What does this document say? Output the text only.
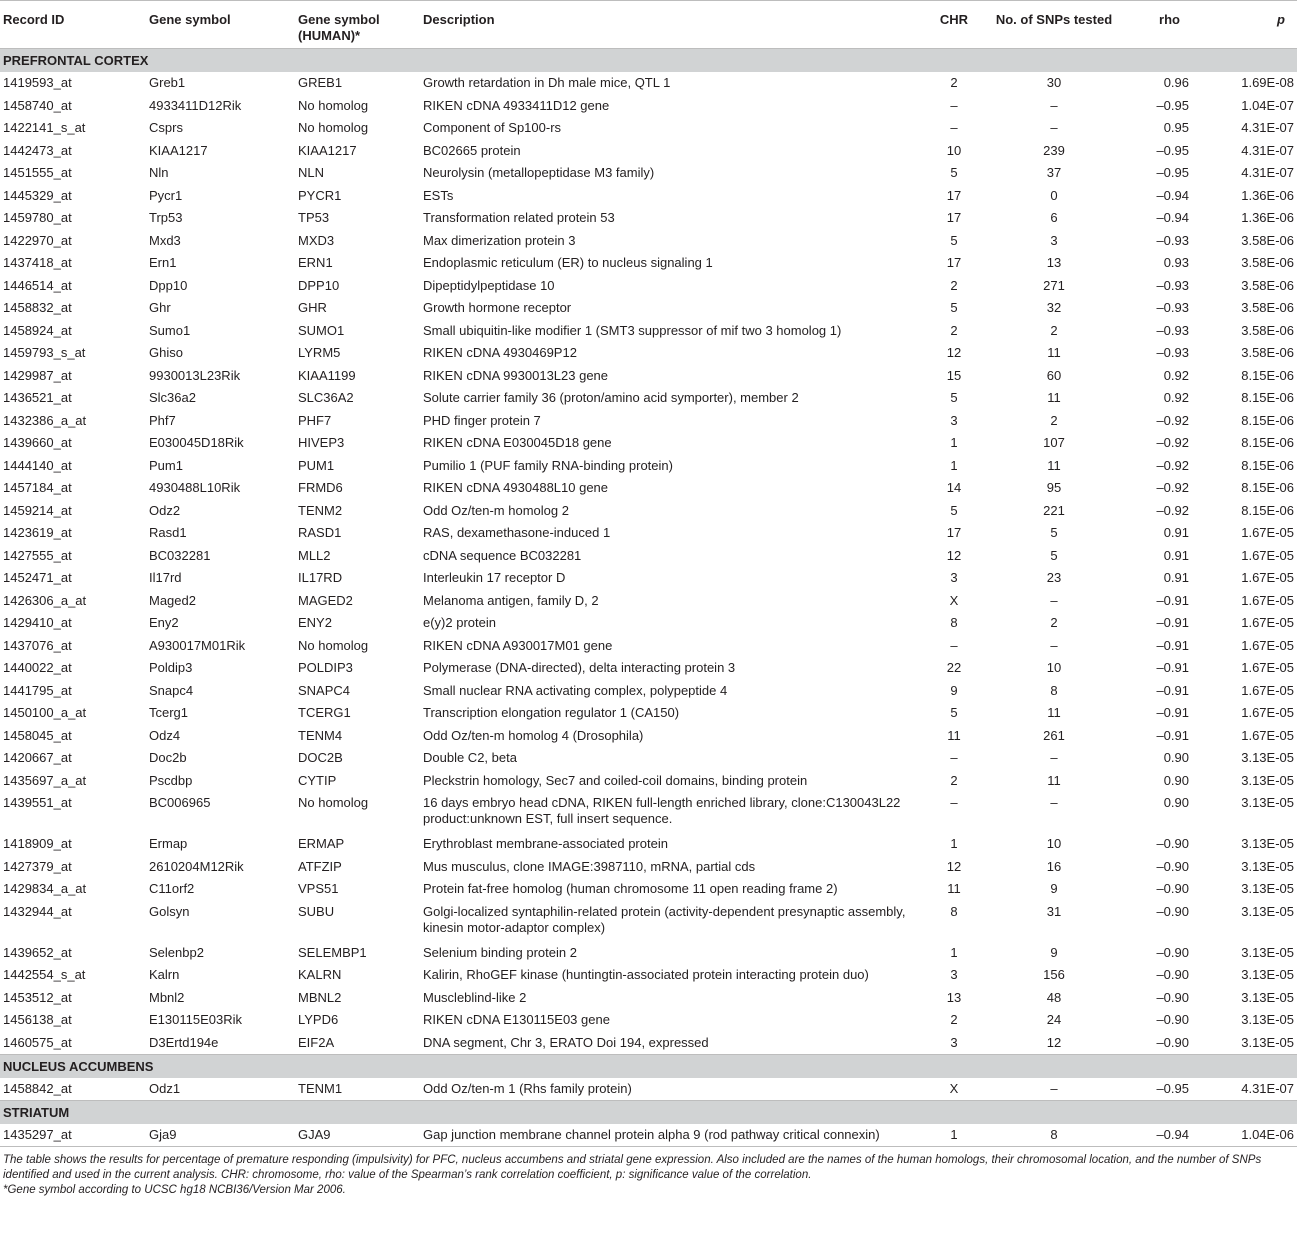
Record ID	Gene symbol	Gene symbol
(HUMAN)*	Description	CHR	No. of SNPs tested	rho	p
PREFRONTAL CORTEX							
1419593_at	Greb1	GREB1	Growth retardation in Dh male mice, QTL 1	2	30	0.96	1.69E-08
1458740_at	4933411D12Rik	No homolog	RIKEN cDNA 4933411D12 gene	–	–	–0.95	1.04E-07
1422141_s_at	Csprs	No homolog	Component of Sp100-rs	–	–	0.95	4.31E-07
1442473_at	KIAA1217	KIAA1217	BC02665 protein	10	239	–0.95	4.31E-07
1451555_at	Nln	NLN	Neurolysin (metallopeptidase M3 family)	5	37	–0.95	4.31E-07
1445329_at	Pycr1	PYCR1	ESTs	17	0	–0.94	1.36E-06
1459780_at	Trp53	TP53	Transformation related protein 53	17	6	–0.94	1.36E-06
1422970_at	Mxd3	MXD3	Max dimerization protein 3	5	3	–0.93	3.58E-06
1437418_at	Ern1	ERN1	Endoplasmic reticulum (ER) to nucleus signaling 1	17	13	0.93	3.58E-06
1446514_at	Dpp10	DPP10	Dipeptidylpeptidase 10	2	271	–0.93	3.58E-06
1458832_at	Ghr	GHR	Growth hormone receptor	5	32	–0.93	3.58E-06
1458924_at	Sumo1	SUMO1	Small ubiquitin-like modifier 1 (SMT3 suppressor of mif two 3 homolog 1)	2	2	–0.93	3.58E-06
1459793_s_at	Ghiso	LYRM5	RIKEN cDNA 4930469P12	12	11	–0.93	3.58E-06
1429987_at	9930013L23Rik	KIAA1199	RIKEN cDNA 9930013L23 gene	15	60	0.92	8.15E-06
1436521_at	Slc36a2	SLC36A2	Solute carrier family 36 (proton/amino acid symporter), member 2	5	11	0.92	8.15E-06
1432386_a_at	Phf7	PHF7	PHD finger protein 7	3	2	–0.92	8.15E-06
1439660_at	E030045D18Rik	HIVEP3	RIKEN cDNA E030045D18 gene	1	107	–0.92	8.15E-06
1444140_at	Pum1	PUM1	Pumilio 1 (PUF family RNA-binding protein)	1	11	–0.92	8.15E-06
1457184_at	4930488L10Rik	FRMD6	RIKEN cDNA 4930488L10 gene	14	95	–0.92	8.15E-06
1459214_at	Odz2	TENM2	Odd Oz/ten-m homolog 2	5	221	–0.92	8.15E-06
1423619_at	Rasd1	RASD1	RAS, dexamethasone-induced 1	17	5	0.91	1.67E-05
1427555_at	BC032281	MLL2	cDNA sequence BC032281	12	5	0.91	1.67E-05
1452471_at	Il17rd	IL17RD	Interleukin 17 receptor D	3	23	0.91	1.67E-05
1426306_a_at	Maged2	MAGED2	Melanoma antigen, family D, 2	X	–	–0.91	1.67E-05
1429410_at	Eny2	ENY2	e(y)2 protein	8	2	–0.91	1.67E-05
1437076_at	A930017M01Rik	No homolog	RIKEN cDNA A930017M01 gene	–	–	–0.91	1.67E-05
1440022_at	Poldip3	POLDIP3	Polymerase (DNA-directed), delta interacting protein 3	22	10	–0.91	1.67E-05
1441795_at	Snapc4	SNAPC4	Small nuclear RNA activating complex, polypeptide 4	9	8	–0.91	1.67E-05
1450100_a_at	Tcerg1	TCERG1	Transcription elongation regulator 1 (CA150)	5	11	–0.91	1.67E-05
1458045_at	Odz4	TENM4	Odd Oz/ten-m homolog 4 (Drosophila)	11	261	–0.91	1.67E-05
1420667_at	Doc2b	DOC2B	Double C2, beta	–	–	0.90	3.13E-05
1435697_a_at	Pscdbp	CYTIP	Pleckstrin homology, Sec7 and coiled-coil domains, binding protein	2	11	0.90	3.13E-05
1439551_at	BC006965	No homolog	16 days embryo head cDNA, RIKEN full-length enriched library, clone:C130043L22 product:unknown EST, full insert sequence.	–	–	0.90	3.13E-05
1418909_at	Ermap	ERMAP	Erythroblast membrane-associated protein	1	10	–0.90	3.13E-05
1427379_at	2610204M12Rik	ATFZIP	Mus musculus, clone IMAGE:3987110, mRNA, partial cds	12	16	–0.90	3.13E-05
1429834_a_at	C11orf2	VPS51	Protein fat-free homolog (human chromosome 11 open reading frame 2)	11	9	–0.90	3.13E-05
1432944_at	Golsyn	SUBU	Golgi-localized syntaphilin-related protein (activity-dependent presynaptic assembly, kinesin motor-adaptor complex)	8	31	–0.90	3.13E-05
1439652_at	Selenbp2	SELEMBP1	Selenium binding protein 2	1	9	–0.90	3.13E-05
1442554_s_at	Kalrn	KALRN	Kalirin, RhoGEF kinase (huntingtin-associated protein interacting protein duo)	3	156	–0.90	3.13E-05
1453512_at	Mbnl2	MBNL2	Muscleblind-like 2	13	48	–0.90	3.13E-05
1456138_at	E130115E03Rik	LYPD6	RIKEN cDNA E130115E03 gene	2	24	–0.90	3.13E-05
1460575_at	D3Ertd194e	EIF2A	DNA segment, Chr 3, ERATO Doi 194, expressed	3	12	–0.90	3.13E-05
NUCLEUS ACCUMBENS							
1458842_at	Odz1	TENM1	Odd Oz/ten-m 1 (Rhs family protein)	X	–	–0.95	4.31E-07
STRIATUM							
1435297_at	Gja9	GJA9	Gap junction membrane channel protein alpha 9 (rod pathway critical connexin)	1	8	–0.94	1.04E-06

The table shows the results for percentage of premature responding (impulsivity) for PFC, nucleus accumbens and striatal gene expression. Also included are the names of the human homologs, their chromosomal location, and the number of SNPs identified and used in the current analysis. CHR: chromosome, rho: value of the Spearman’s rank correlation coefficient, p: significance value of the correlation.

*Gene symbol according to UCSC hg18 NCBI36/Version Mar 2006.
